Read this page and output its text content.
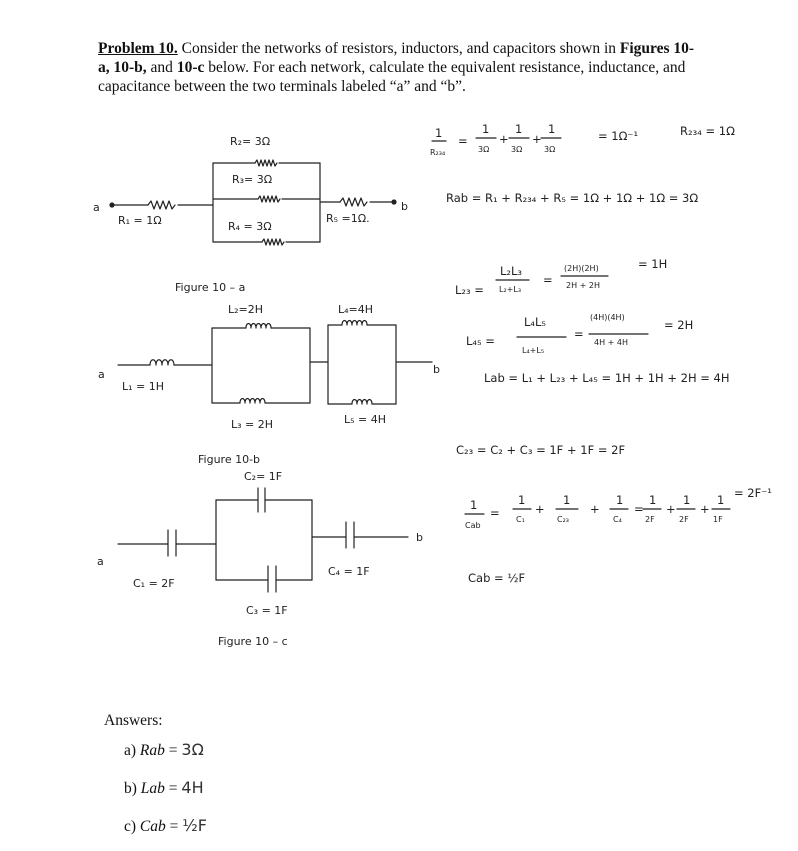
Problem 10. Consider the networks of resistors, inductors, and capacitors shown in Figures 10-a, 10-b, and 10-c below. For each network, calculate the equivalent resistance, inductance, and capacitance between the two terminals labeled “a” and “b”.
R₂= 3Ω
R₃= 3Ω
R₄ = 3Ω
R₁ = 1Ω	R₅ =1Ω.
a	b
Figure 10 – a
L₂=2H	L₄=4H
L₁ = 1H
L₃ = 2H	L₅ = 4H
a	b
Figure 10-b
C₂= 1F
C₁ = 2F
C₃ = 1F
C₄ = 1F
a
b
Figure 10 – c
1
R₂₃₄
=
1
3Ω
+
1
3Ω
+
1
3Ω
= 1Ω⁻¹	R₂₃₄ = 1Ω
Rab = R₁ + R₂₃₄ + R₅ = 1Ω + 1Ω + 1Ω = 3Ω
L₂₃ =
L₂L₃
L₂+L₃
=
(2H)(2H)
2H + 2H
= 1H
L₄₅ =
L₄L₅
L₄+L₅
=
(4H)(4H)
4H + 4H
= 2H
Lab = L₁ + L₂₃ + L₄₅ = 1H + 1H + 2H = 4H
C₂₃ = C₂ + C₃ = 1F + 1F = 2F
1
Cab
=
1
C₁
+
1
C₂₃
+
1
C₄
=
1
2F
+
1
2F
+
1
1F
= 2F⁻¹
Cab = ½F
Answers:
a) Rab = 3Ω
b) Lab = 4H
c) Cab = ½F
